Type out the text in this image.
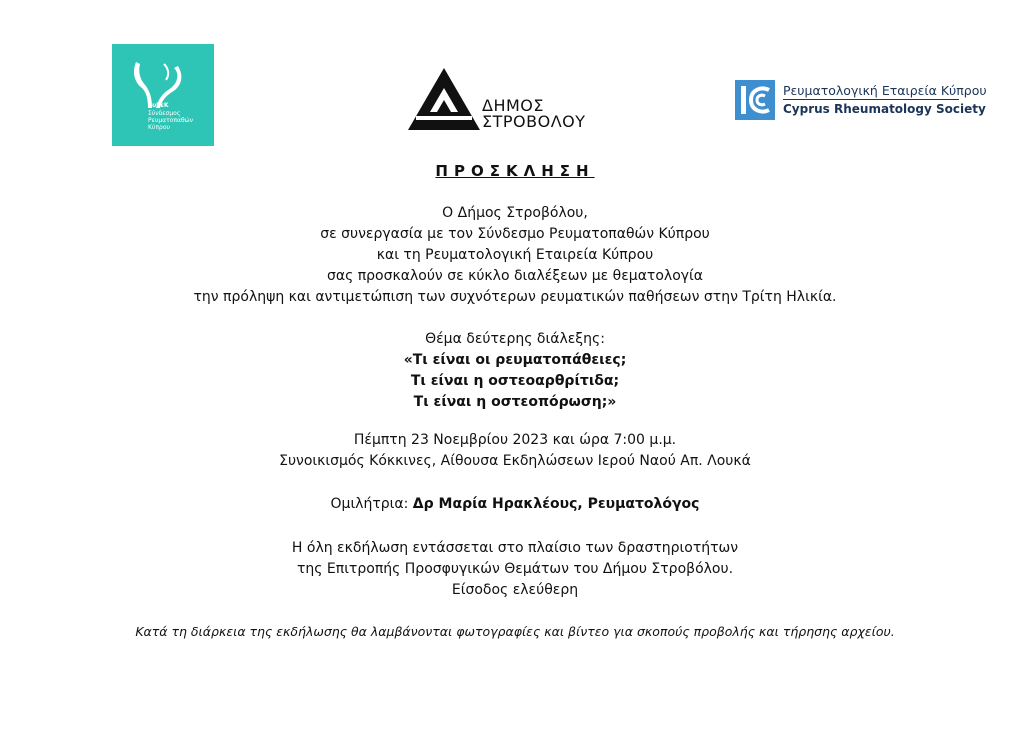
ΣυΡεΚ
Σύνδεσμος
Ρευματοπαθών
Κύπρου
ΔΗΜΟΣ
ΣΤΡΟΒΟΛΟΥ
Ρευματολογική Εταιρεία Κύπρου
Cyprus Rheumatology Society
ΠΡΟΣΚΛΗΣΗ

Ο Δήμος Στροβόλου,

σε συνεργασία με τον Σύνδεσμο Ρευματοπαθών Κύπρου

και τη Ρευματολογική Εταιρεία Κύπρου

σας προσκαλούν σε κύκλο διαλέξεων με θεματολογία

την πρόληψη και αντιμετώπιση των συχνότερων ρευματικών παθήσεων στην Τρίτη Ηλικία.

Θέμα δεύτερης διάλεξης:

«Τι είναι οι ρευματοπάθειες;

Τι είναι η οστεοαρθρίτιδα;

Τι είναι η οστεοπόρωση;»

Πέμπτη 23 Νοεμβρίου 2023 και ώρα 7:00 μ.μ.

Συνοικισμός Κόκκινες, Αίθουσα Εκδηλώσεων Ιερού Ναού Απ. Λουκά

Ομιλήτρια: Δρ Μαρία Ηρακλέους, Ρευματολόγος

Η όλη εκδήλωση εντάσσεται στο πλαίσιο των δραστηριοτήτων

της Επιτροπής Προσφυγικών Θεμάτων του Δήμου Στροβόλου.

Είσοδος ελεύθερη

Κατά τη διάρκεια της εκδήλωσης θα λαμβάνονται φωτογραφίες και βίντεο για σκοπούς προβολής και τήρησης αρχείου.
